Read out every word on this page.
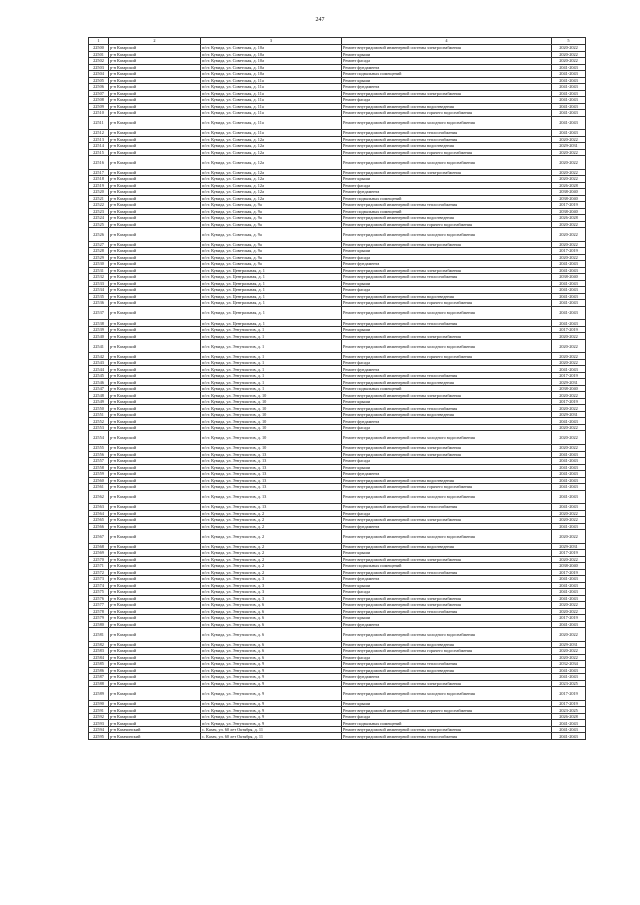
247
1	2	3	4	5
22500	р-н Казарский	п/ст. Кувида, ул. Советская, д. 10а	Ремонт внутридомовой инженерной системы электроснабжения	2020-2022
22501	р-н Казарский	п/ст. Кувида, ул. Советская, д. 10а	Ремонт крыши	2020-2022
22502	р-н Казарский	п/ст. Кувида, ул. Советская, д. 10а	Ремонт фасада	2020-2022
22503	р-н Казарский	п/ст. Кувида, ул. Советская, д. 10а	Ремонт фундамента	2041-2043
22504	р-н Казарский	п/ст. Кувида, ул. Советская, д. 10а	Ремонт подвальных помещений	2041-2043
22505	р-н Казарский	п/ст. Кувида, ул. Советская, д. 11а	Ремонт крыши	2041-2043
22506	р-н Казарский	п/ст. Кувида, ул. Советская, д. 11а	Ремонт фундамента	2041-2043
22507	р-н Казарский	п/ст. Кувида, ул. Советская, д. 11а	Ремонт внутридомовой инженерной системы электроснабжения	2041-2043
22508	р-н Казарский	п/ст. Кувида, ул. Советская, д. 11а	Ремонт фасада	2041-2043
22509	р-н Казарский	п/ст. Кувида, ул. Советская, д. 11а	Ремонт внутридомовой инженерной системы водоотведения	2041-2043
22510	р-н Казарский	п/ст. Кувида, ул. Советская, д. 11а	Ремонт внутридомовой инженерной системы горячего водоснабжения	2041-2043
22511	р-н Казарский	п/ст. Кувида, ул. Советская, д. 11а	Ремонт внутридомовой инженерной системы холодного водоснабжения	2041-2043
22512	р-н Казарский	п/ст. Кувида, ул. Советская, д. 11а	Ремонт внутридомовой инженерной системы теплоснабжения	2041-2043
22513	р-н Казарский	п/ст. Кувида, ул. Советская, д. 12а	Ремонт внутридомовой инженерной системы теплоснабжения	2020-2022
22514	р-н Казарский	п/ст. Кувида, ул. Советская, д. 12а	Ремонт внутридомовой инженерной системы водоотведения	2029-2031
22515	р-н Казарский	п/ст. Кувида, ул. Советская, д. 12а	Ремонт внутридомовой инженерной системы горячего водоснабжения	2020-2022
22516	р-н Казарский	п/ст. Кувида, ул. Советская, д. 12а	Ремонт внутридомовой инженерной системы холодного водоснабжения	2020-2022
22517	р-н Казарский	п/ст. Кувида, ул. Советская, д. 12а	Ремонт внутридомовой инженерной системы электроснабжения	2020-2022
22518	р-н Казарский	п/ст. Кувида, ул. Советская, д. 12а	Ремонт крыши	2020-2022
22519	р-н Казарский	п/ст. Кувида, ул. Советская, д. 12а	Ремонт фасада	2026-2028
22520	р-н Казарский	п/ст. Кувида, ул. Советская, д. 12а	Ремонт фундамента	2038-2040
22521	р-н Казарский	п/ст. Кувида, ул. Советская, д. 12а	Ремонт подвальных помещений	2038-2040
22522	р-н Казарский	п/ст. Кувида, ул. Советская, д. 9а	Ремонт внутридомовой инженерной системы теплоснабжения	2017-2019
22523	р-н Казарский	п/ст. Кувида, ул. Советская, д. 9а	Ремонт подвальных помещений	2038-2040
22524	р-н Казарский	п/ст. Кувида, ул. Советская, д. 9а	Ремонт внутридомовой инженерной системы водоотведения	2026-2028
22525	р-н Казарский	п/ст. Кувида, ул. Советская, д. 9а	Ремонт внутридомовой инженерной системы горячего водоснабжения	2020-2022
22526	р-н Казарский	п/ст. Кувида, ул. Советская, д. 9а	Ремонт внутридомовой инженерной системы холодного водоснабжения	2020-2022
22527	р-н Казарский	п/ст. Кувида, ул. Советская, д. 9а	Ремонт внутридомовой инженерной системы электроснабжения	2020-2022
22528	р-н Казарский	п/ст. Кувида, ул. Советская, д. 9а	Ремонт крыши	2017-2019
22529	р-н Казарский	п/ст. Кувида, ул. Советская, д. 9а	Ремонт фасада	2020-2022
22530	р-н Казарский	п/ст. Кувида, ул. Советская, д. 9а	Ремонт фундамента	2041-2043
22531	р-н Казарский	п/ст. Кувида, ул. Центральная, д. 1	Ремонт внутридомовой инженерной системы электроснабжения	2041-2043
22532	р-н Казарский	п/ст. Кувида, ул. Центральная, д. 1	Ремонт внутридомовой инженерной системы теплоснабжения	2038-2040
22533	р-н Казарский	п/ст. Кувида, ул. Центральная, д. 1	Ремонт крыши	2041-2043
22534	р-н Казарский	п/ст. Кувида, ул. Центральная, д. 1	Ремонт фасада	2041-2043
22535	р-н Казарский	п/ст. Кувида, ул. Центральная, д. 1	Ремонт внутридомовой инженерной системы водоотведения	2041-2043
22536	р-н Казарский	п/ст. Кувида, ул. Центральная, д. 1	Ремонт внутридомовой инженерной системы горячего водоснабжения	2041-2043
22537	р-н Казарский	п/ст. Кувида, ул. Центральная, д. 1	Ремонт внутридомовой инженерной системы холодного водоснабжения	2041-2043
22538	р-н Казарский	п/ст. Кувида, ул. Центральная, д. 1	Ремонт внутридомовой инженерной системы теплоснабжения	2041-2043
22539	р-н Казарский	п/ст. Кувида, ул. Энтузиастов, д. 1	Ремонт крыши	2017-2019
22540	р-н Казарский	п/ст. Кувида, ул. Энтузиастов, д. 1	Ремонт внутридомовой инженерной системы электроснабжения	2020-2022
22541	р-н Казарский	п/ст. Кувида, ул. Энтузиастов, д. 1	Ремонт внутридомовой инженерной системы холодного водоснабжения	2020-2022
22542	р-н Казарский	п/ст. Кувида, ул. Энтузиастов, д. 1	Ремонт внутридомовой инженерной системы горячего водоснабжения	2020-2022
22543	р-н Казарский	п/ст. Кувида, ул. Энтузиастов, д. 1	Ремонт фасада	2020-2022
22544	р-н Казарский	п/ст. Кувида, ул. Энтузиастов, д. 1	Ремонт фундамента	2041-2043
22545	р-н Казарский	п/ст. Кувида, ул. Энтузиастов, д. 1	Ремонт внутридомовой инженерной системы теплоснабжения	2017-2019
22546	р-н Казарский	п/ст. Кувида, ул. Энтузиастов, д. 1	Ремонт внутридомовой инженерной системы водоотведения	2029-2031
22547	р-н Казарский	п/ст. Кувида, ул. Энтузиастов, д. 1	Ремонт подвальных помещений	2038-2040
22548	р-н Казарский	п/ст. Кувида, ул. Энтузиастов, д. 10	Ремонт внутридомовой инженерной системы электроснабжения	2020-2022
22549	р-н Казарский	п/ст. Кувида, ул. Энтузиастов, д. 10	Ремонт крыши	2017-2019
22550	р-н Казарский	п/ст. Кувида, ул. Энтузиастов, д. 10	Ремонт внутридомовой инженерной системы теплоснабжения	2020-2022
22551	р-н Казарский	п/ст. Кувида, ул. Энтузиастов, д. 10	Ремонт внутридомовой инженерной системы водоотведения	2029-2031
22552	р-н Казарский	п/ст. Кувида, ул. Энтузиастов, д. 10	Ремонт фундамента	2041-2043
22553	р-н Казарский	п/ст. Кувида, ул. Энтузиастов, д. 10	Ремонт фасада	2020-2022
22554	р-н Казарский	п/ст. Кувида, ул. Энтузиастов, д. 10	Ремонт внутридомовой инженерной системы холодного водоснабжения	2020-2022
22555	р-н Казарский	п/ст. Кувида, ул. Энтузиастов, д. 10	Ремонт внутридомовой инженерной системы электроснабжения	2020-2022
22556	р-н Казарский	п/ст. Кувида, ул. Энтузиастов, д. 13	Ремонт внутридомовой инженерной системы электроснабжения	2041-2043
22557	р-н Казарский	п/ст. Кувида, ул. Энтузиастов, д. 13	Ремонт фасада	2041-2043
22558	р-н Казарский	п/ст. Кувида, ул. Энтузиастов, д. 13	Ремонт крыши	2041-2043
22559	р-н Казарский	п/ст. Кувида, ул. Энтузиастов, д. 13	Ремонт фундамента	2041-2043
22560	р-н Казарский	п/ст. Кувида, ул. Энтузиастов, д. 13	Ремонт внутридомовой инженерной системы водоотведения	2041-2043
22561	р-н Казарский	п/ст. Кувида, ул. Энтузиастов, д. 13	Ремонт внутридомовой инженерной системы горячего водоснабжения	2041-2043
22562	р-н Казарский	п/ст. Кувида, ул. Энтузиастов, д. 13	Ремонт внутридомовой инженерной системы холодного водоснабжения	2041-2043
22563	р-н Казарский	п/ст. Кувида, ул. Энтузиастов, д. 13	Ремонт внутридомовой инженерной системы теплоснабжения	2041-2043
22564	р-н Казарский	п/ст. Кувида, ул. Энтузиастов, д. 2	Ремонт фасада	2020-2022
22565	р-н Казарский	п/ст. Кувида, ул. Энтузиастов, д. 2	Ремонт внутридомовой инженерной системы электроснабжения	2020-2022
22566	р-н Казарский	п/ст. Кувида, ул. Энтузиастов, д. 2	Ремонт фундамента	2041-2043
22567	р-н Казарский	п/ст. Кувида, ул. Энтузиастов, д. 2	Ремонт внутридомовой инженерной системы холодного водоснабжения	2020-2022
22568	р-н Казарский	п/ст. Кувида, ул. Энтузиастов, д. 2	Ремонт внутридомовой инженерной системы водоотведения	2029-2031
22569	р-н Казарский	п/ст. Кувида, ул. Энтузиастов, д. 2	Ремонт крыши	2017-2019
22570	р-н Казарский	п/ст. Кувида, ул. Энтузиастов, д. 2	Ремонт внутридомовой инженерной системы электроснабжения	2020-2022
22571	р-н Казарский	п/ст. Кувида, ул. Энтузиастов, д. 2	Ремонт подвальных помещений	2038-2040
22572	р-н Казарский	п/ст. Кувида, ул. Энтузиастов, д. 2	Ремонт внутридомовой инженерной системы теплоснабжения	2017-2019
22573	р-н Казарский	п/ст. Кувида, ул. Энтузиастов, д. 3	Ремонт фундамента	2041-2043
22574	р-н Казарский	п/ст. Кувида, ул. Энтузиастов, д. 3	Ремонт крыши	2041-2043
22575	р-н Казарский	п/ст. Кувида, ул. Энтузиастов, д. 3	Ремонт фасада	2041-2043
22576	р-н Казарский	п/ст. Кувида, ул. Энтузиастов, д. 3	Ремонт внутридомовой инженерной системы электроснабжения	2041-2043
22577	р-н Казарский	п/ст. Кувида, ул. Энтузиастов, д. 6	Ремонт внутридомовой инженерной системы электроснабжения	2020-2022
22578	р-н Казарский	п/ст. Кувида, ул. Энтузиастов, д. 6	Ремонт внутридомовой инженерной системы теплоснабжения	2020-2022
22579	р-н Казарский	п/ст. Кувида, ул. Энтузиастов, д. 6	Ремонт крыши	2017-2019
22580	р-н Казарский	п/ст. Кувида, ул. Энтузиастов, д. 6	Ремонт фундамента	2041-2043
22581	р-н Казарский	п/ст. Кувида, ул. Энтузиастов, д. 6	Ремонт внутридомовой инженерной системы холодного водоснабжения	2020-2022
22582	р-н Казарский	п/ст. Кувида, ул. Энтузиастов, д. 6	Ремонт внутридомовой инженерной системы водоотведения	2029-2031
22583	р-н Казарский	п/ст. Кувида, ул. Энтузиастов, д. 6	Ремонт внутридомовой инженерной системы горячего водоснабжения	2020-2022
22584	р-н Казарский	п/ст. Кувида, ул. Энтузиастов, д. 6	Ремонт фасада	2020-2022
22585	р-н Казарский	п/ст. Кувида, ул. Энтузиастов, д. 9	Ремонт внутридомовой инженерной системы теплоснабжения	2032-2034
22586	р-н Казарский	п/ст. Кувида, ул. Энтузиастов, д. 9	Ремонт внутридомовой инженерной системы водоотведения	2041-2043
22587	р-н Казарский	п/ст. Кувида, ул. Энтузиастов, д. 9	Ремонт фундамента	2041-2043
22588	р-н Казарский	п/ст. Кувида, ул. Энтузиастов, д. 9	Ремонт внутридомовой инженерной системы электроснабжения	2023-2025
22589	р-н Казарский	п/ст. Кувида, ул. Энтузиастов, д. 9	Ремонт внутридомовой инженерной системы холодного водоснабжения	2017-2019
22590	р-н Казарский	п/ст. Кувида, ул. Энтузиастов, д. 9	Ремонт крыши	2017-2019
22591	р-н Казарский	п/ст. Кувида, ул. Энтузиастов, д. 9	Ремонт внутридомовой инженерной системы горячего водоснабжения	2023-2025
22592	р-н Казарский	п/ст. Кувида, ул. Энтузиастов, д. 9	Ремонт фасада	2026-2028
22593	р-н Казарский	п/ст. Кувида, ул. Энтузиастов, д. 9	Ремонт подвальных помещений	2041-2043
22594	р-н Казачинский	с. Казач, ул. 60 лет Октября, д. 11	Ремонт внутридомовой инженерной системы электроснабжения	2041-2043
22595	р-н Казачинский	с. Казач, ул. 60 лет Октября, д. 11	Ремонт внутридомовой инженерной системы теплоснабжения	2041-2043
